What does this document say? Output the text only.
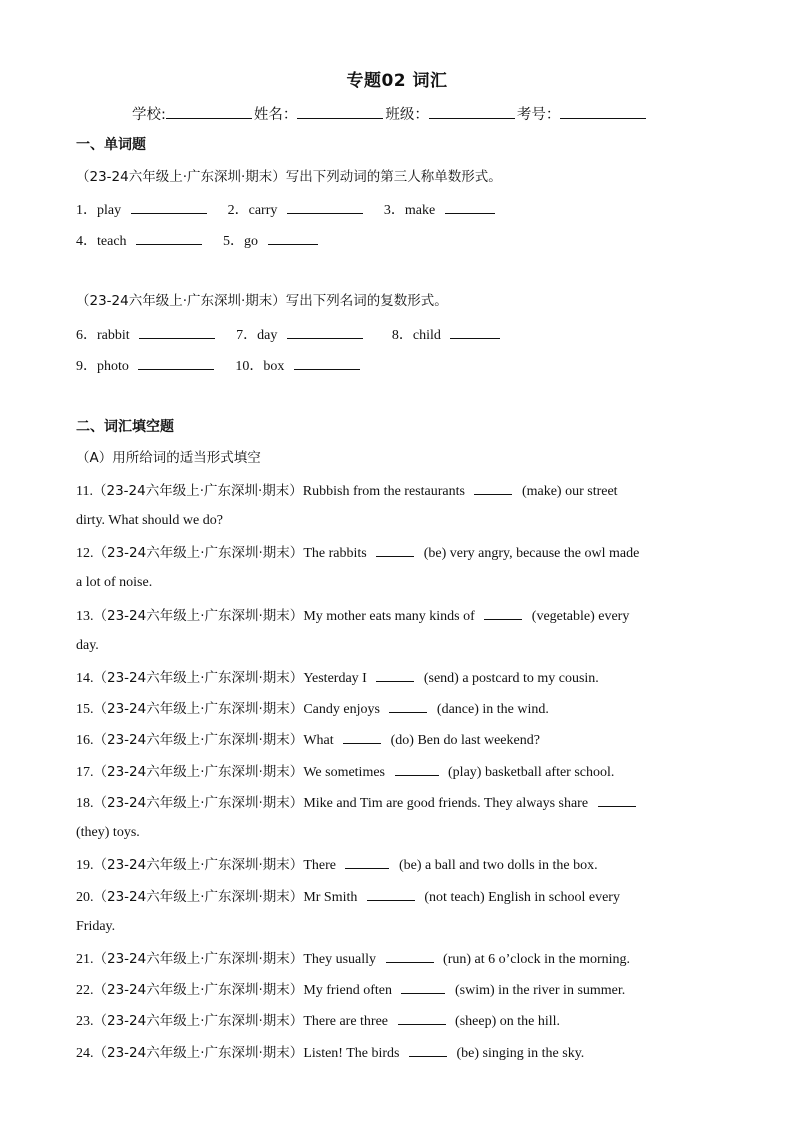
专题02 词汇
学校:	姓名：	班级：	考号：
一、单词题
（23-24六年级上·广东深圳·期末）写出下列动词的第三人称单数形式。
1．play	2．carry	3．make
4．teach	5．go
（23-24六年级上·广东深圳·期末）写出下列名词的复数形式。
6．rabbit	7．day	8．child
9．photo	10．box
二、词汇填空题
（A）用所给词的适当形式填空
11.（23-24六年级上·广东深圳·期末）Rubbish from the restaurants	(make) our street
dirty. What should we do?
12.（23-24六年级上·广东深圳·期末）The rabbits	(be) very angry, because the owl made
a lot of noise.
13.（23-24六年级上·广东深圳·期末）My mother eats many kinds of	(vegetable) every
day.
14.（23-24六年级上·广东深圳·期末）Yesterday I	(send) a postcard to my cousin.
15.（23-24六年级上·广东深圳·期末）Candy enjoys	(dance) in the wind.
16.（23-24六年级上·广东深圳·期末）What	(do) Ben do last weekend?
17.（23-24六年级上·广东深圳·期末）We sometimes	(play) basketball after school.
18.（23-24六年级上·广东深圳·期末）Mike and Tim are good friends. They always share
(they) toys.
19.（23-24六年级上·广东深圳·期末）There	(be) a ball and two dolls in the box.
20.（23-24六年级上·广东深圳·期末）Mr Smith	(not teach) English in school every
Friday.
21.（23-24六年级上·广东深圳·期末）They usually	(run) at 6 o’clock in the morning.
22.（23-24六年级上·广东深圳·期末）My friend often	(swim) in the river in summer.
23.（23-24六年级上·广东深圳·期末）There are three	(sheep) on the hill.
24.（23-24六年级上·广东深圳·期末）Listen! The birds	(be) singing in the sky.
